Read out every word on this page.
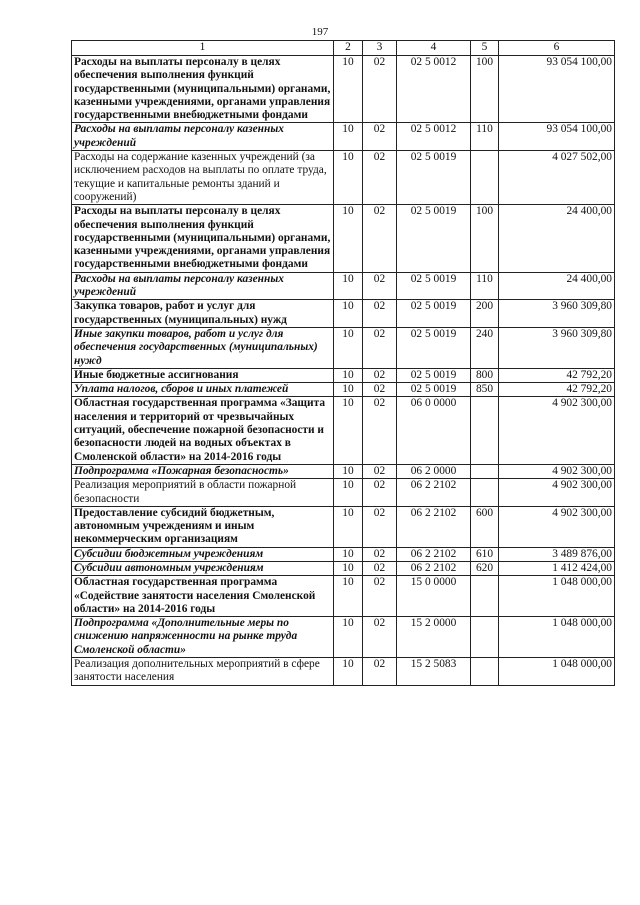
197
1	2	3	4	5	6
Расходы на выплаты персоналу в целях обеспечения выполнения функций государственными (муниципальными) органами, казенными учреждениями, органами управления государственными внебюджетными фондами	10	02	02 5 0012	100	93 054 100,00
Расходы на выплаты персоналу казенных учреждений	10	02	02 5 0012	110	93 054 100,00
Расходы на содержание казенных учреждений (за исключением расходов на выплаты по оплате труда, текущие и капитальные ремонты зданий и сооружений)	10	02	02 5 0019		4 027 502,00
Расходы на выплаты персоналу в целях обеспечения выполнения функций государственными (муниципальными) органами, казенными учреждениями, органами управления государственными внебюджетными фондами	10	02	02 5 0019	100	24 400,00
Расходы на выплаты персоналу казенных учреждений	10	02	02 5 0019	110	24 400,00
Закупка товаров, работ и услуг для государственных (муниципальных) нужд	10	02	02 5 0019	200	3 960 309,80
Иные закупки товаров, работ и услуг для обеспечения государственных (муниципальных) нужд	10	02	02 5 0019	240	3 960 309,80
Иные бюджетные ассигнования	10	02	02 5 0019	800	42 792,20
Уплата налогов, сборов и иных платежей	10	02	02 5 0019	850	42 792,20
Областная государственная программа «Защита населения и территорий от чрезвычайных ситуаций, обеспечение пожарной безопасности и безопасности людей на водных объектах в Смоленской области» на 2014-2016 годы	10	02	06 0 0000		4 902 300,00
Подпрограмма «Пожарная безопасность»	10	02	06 2 0000		4 902 300,00
Реализация мероприятий в области пожарной безопасности	10	02	06 2 2102		4 902 300,00
Предоставление субсидий бюджетным, автономным учреждениям и иным некоммерческим организациям	10	02	06 2 2102	600	4 902 300,00
Субсидии бюджетным учреждениям	10	02	06 2 2102	610	3 489 876,00
Субсидии автономным учреждениям	10	02	06 2 2102	620	1 412 424,00
Областная государственная программа «Содействие занятости населения Смоленской области» на 2014-2016 годы	10	02	15 0 0000		1 048 000,00
Подпрограмма «Дополнительные меры по снижению напряженности на рынке труда Смоленской области»	10	02	15 2 0000		1 048 000,00
Реализация дополнительных мероприятий в сфере занятости населения	10	02	15 2 5083		1 048 000,00
